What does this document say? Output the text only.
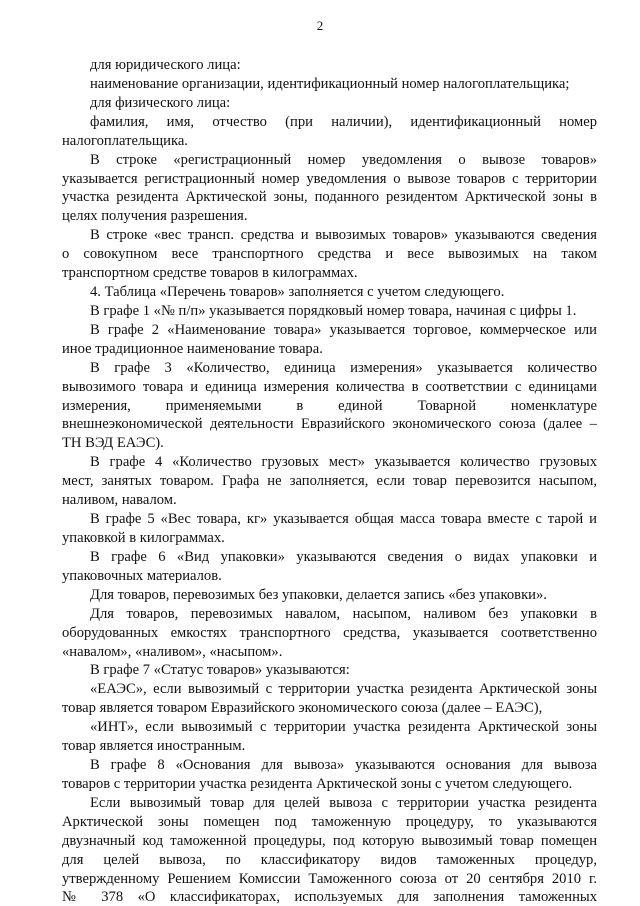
2
для юридического лица:
наименование организации, идентификационный номер налогоплательщика;
для физического лица:
фамилия, имя, отчество (при наличии), идентификационный номер
налогоплательщика.
В строке «регистрационный номер уведомления о вывозе товаров»
указывается регистрационный номер уведомления о вывозе товаров с территории
участка резидента Арктической зоны, поданного резидентом Арктической зоны в
целях получения разрешения.
В строке «вес трансп. средства и вывозимых товаров» указываются сведения
о совокупном весе транспортного средства и весе вывозимых на таком
транспортном средстве товаров в килограммах.
4. Таблица «Перечень товаров» заполняется с учетом следующего.
В графе 1 «№ п/п» указывается порядковый номер товара, начиная с цифры 1.
В графе 2 «Наименование товара» указывается торговое, коммерческое или
иное традиционное наименование товара.
В графе 3 «Количество, единица измерения» указывается количество
вывозимого товара и единица измерения количества в соответствии с единицами
измерения, применяемыми в единой Товарной номенклатуре
внешнеэкономической деятельности Евразийского экономического союза (далее –
ТН ВЭД ЕАЭС).
В графе 4 «Количество грузовых мест» указывается количество грузовых
мест, занятых товаром. Графа не заполняется, если товар перевозится насыпом,
наливом, навалом.
В графе 5 «Вес товара, кг» указывается общая масса товара вместе с тарой и
упаковкой в килограммах.
В графе 6 «Вид упаковки» указываются сведения о видах упаковки и
упаковочных материалов.
Для товаров, перевозимых без упаковки, делается запись «без упаковки».
Для товаров, перевозимых навалом, насыпом, наливом без упаковки в
оборудованных емкостях транспортного средства, указывается соответственно
«навалом», «наливом», «насыпом».
В графе 7 «Статус товаров» указываются:
«ЕАЭС», если вывозимый с территории участка резидента Арктической зоны
товар является товаром Евразийского экономического союза (далее – ЕАЭС),
«ИНТ», если вывозимый с территории участка резидента Арктической зоны
товар является иностранным.
В графе 8 «Основания для вывоза» указываются основания для вывоза
товаров с территории участка резидента Арктической зоны с учетом следующего.
Если вывозимый товар для целей вывоза с территории участка резидента
Арктической зоны помещен под таможенную процедуру, то указываются
двузначный код таможенной процедуры, под которую вывозимый товар помещен
для целей вывоза, по классификатору видов таможенных процедур,
утвержденному Решением Комиссии Таможенного союза от 20 сентября 2010 г.
№ 378 «О классификаторах, используемых для заполнения таможенных
